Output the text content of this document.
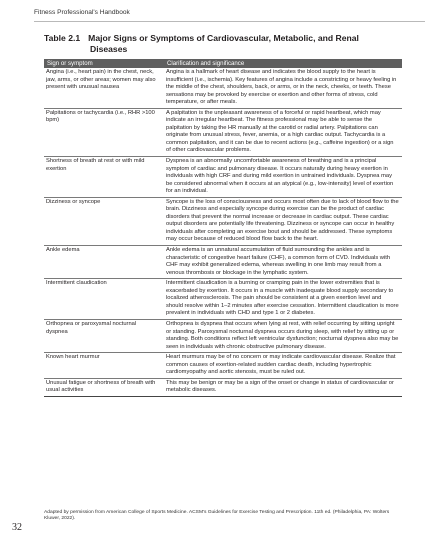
Fitness Professional's Handbook
Table 2.1 Major Signs or Symptoms of Cardiovascular, Metabolic, and Renal
Diseases
Sign or symptom	Clarification and significance
Angina (i.e., heart pain) in the chest, neck, jaw, arms, or other areas; women may also present with unusual nausea	Angina is a hallmark of heart disease and indicates the blood supply to the heart is insufficient (i.e., ischemia). Key features of angina include a constricting or heavy feeling in the middle of the chest, shoulders, back, or arms, or in the neck, cheeks, or teeth. These sensations may be provoked by exercise or exertion and other forms of stress, cold temperature, or after meals.
Palpitations or tachycardia (i.e., RHR >100 bpm)	A palpitation is the unpleasant awareness of a forceful or rapid heartbeat, which may indicate an irregular heartbeat. The fitness professional may be able to sense the palpitation by taking the HR manually at the carotid or radial artery. Palpitations can originate from unusual stress, fever, anemia, or a high cardiac output. Tachycardia is a common palpitation, and it can be due to recent actions (e.g., caffeine ingestion) or a sign of other cardiovascular problems.
Shortness of breath at rest or with mild exertion	Dyspnea is an abnormally uncomfortable awareness of breathing and is a principal symptom of cardiac and pulmonary disease. It occurs naturally during heavy exertion in individuals with high CRF and during mild exertion in untrained individuals. Dyspnea may be considered abnormal when it occurs at an atypical (e.g., low-intensity) level of exertion for an individual.
Dizziness or syncope	Syncope is the loss of consciousness and occurs most often due to lack of blood flow to the brain. Dizziness and especially syncope during exercise can be the product of cardiac disorders that prevent the normal increase or decrease in cardiac output. These cardiac output disorders are potentially life threatening. Dizziness or syncope can occur in healthy individuals after completing an exercise bout and should be addressed. These symptoms may occur because of reduced blood flow back to the heart.
Ankle edema	Ankle edema is an unnatural accumulation of fluid surrounding the ankles and is characteristic of congestive heart failure (CHF), a common form of CVD. Individuals with CHF may exhibit generalized edema, whereas swelling in one limb may result from a venous thrombosis or blockage in the lymphatic system.
Intermittent claudication	Intermittent claudication is a burning or cramping pain in the lower extremities that is exacerbated by exertion. It occurs in a muscle with inadequate blood supply secondary to localized atherosclerosis. The pain should be consistent at a given exertion level and should resolve within 1–2 minutes after exercise cessation. Intermittent claudication is more prevalent in individuals with CHD and type 1 or 2 diabetes.
Orthopnea or paroxysmal nocturnal dyspnea	Orthopnea is dyspnea that occurs when lying at rest, with relief occurring by sitting upright or standing. Paroxysmal nocturnal dyspnea occurs during sleep, with relief by sitting up or standing. Both conditions reflect left ventricular dysfunction; nocturnal dyspnea also may be seen in individuals with chronic obstructive pulmonary disease.
Known heart murmur	Heart murmurs may be of no concern or may indicate cardiovascular disease. Realize that common causes of exertion-related sudden cardiac death, including hypertrophic cardiomyopathy and aortic stenosis, must be ruled out.
Unusual fatigue or shortness of breath with usual activities	This may be benign or may be a sign of the onset or change in status of cardiovascular or metabolic diseases.
Adapted by permission from American College of Sports Medicine. ACSM's Guidelines for Exercise Testing and Prescription. 11th ed. (Philadelphia, PA: Wolters Kluwer, 2022).
32
